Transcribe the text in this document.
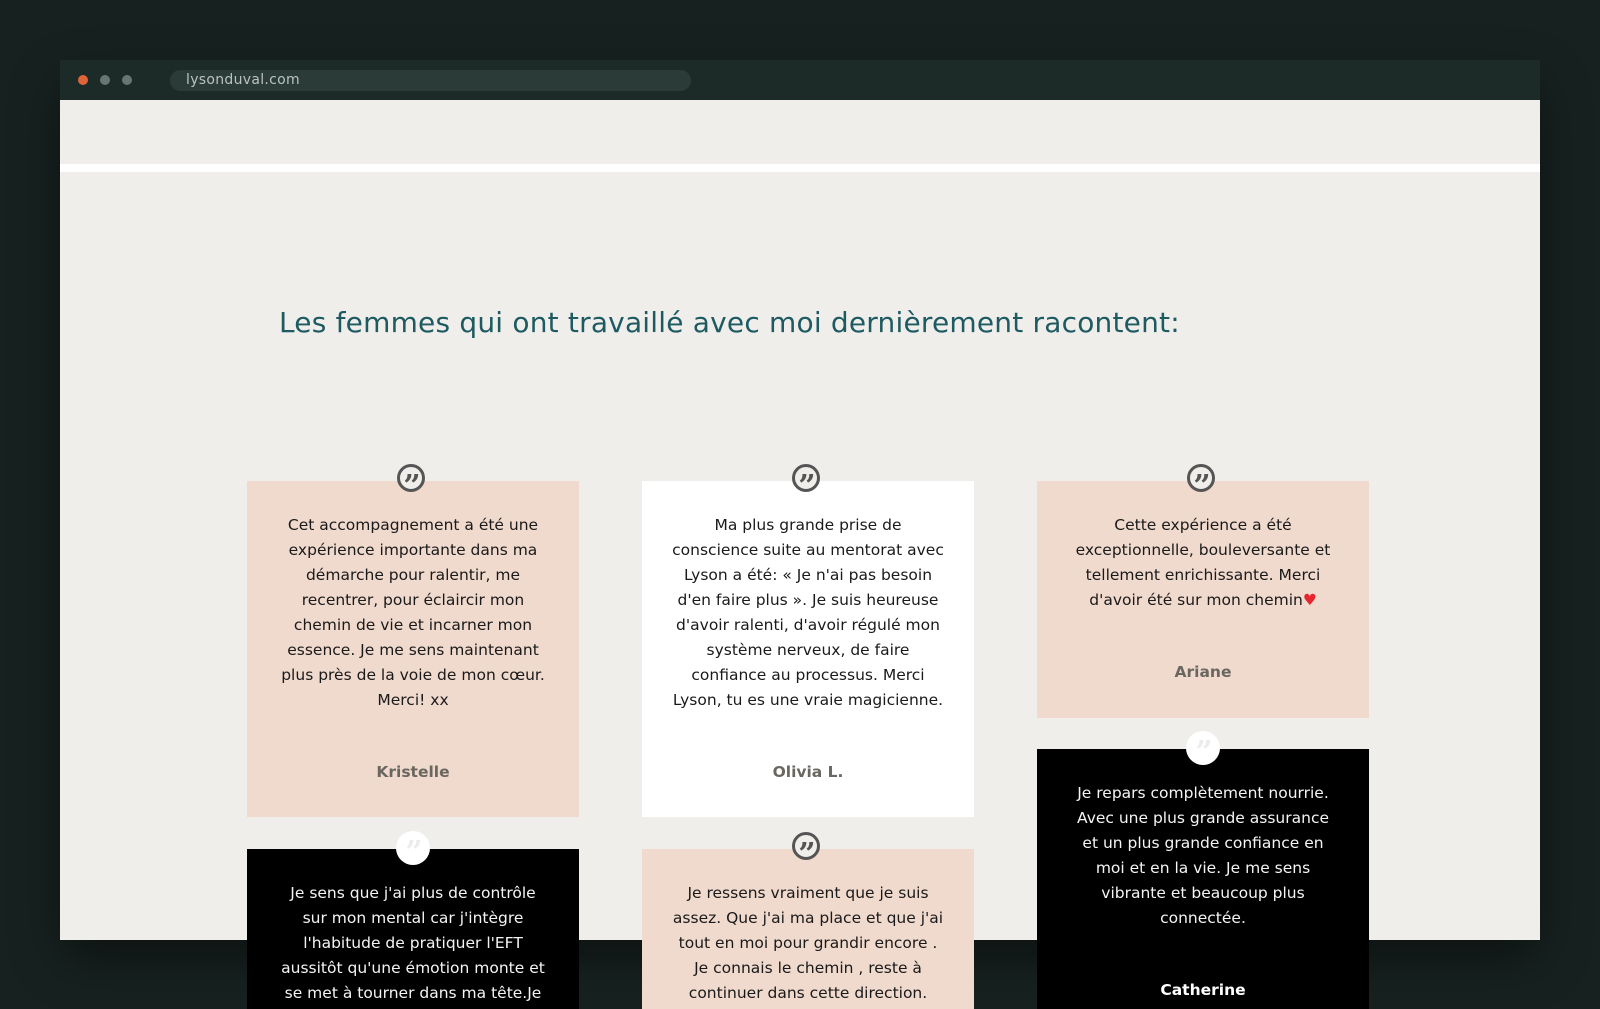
lysonduval.com
Les femmes qui ont travaillé avec moi dernièrement racontent:
”

Cet accompagnement a été une expérience importante dans ma démarche pour ralentir, me recentrer, pour éclaircir mon chemin de vie et incarner mon essence. Je me sens maintenant plus près de la voie de mon cœur. Merci! xx

Kristelle

”

Ma plus grande prise de conscience suite au mentorat avec Lyson a été: « Je n'ai pas besoin d'en faire plus ». Je suis heureuse d'avoir ralenti, d'avoir régulé mon système nerveux, de faire confiance au processus. Merci Lyson, tu es une vraie magicienne.

Olivia L.

”

Cette expérience a été exceptionnelle, bouleversante et tellement enrichissante. Merci d'avoir été sur mon chemin♥

Ariane

”

Je repars complètement nourrie. Avec une plus grande assurance et un plus grande confiance en moi et en la vie. Je me sens vibrante et beaucoup plus connectée.

Catherine

”

Je sens que j'ai plus de contrôle sur mon mental car j'intègre l'habitude de pratiquer l'EFT aussitôt qu'une émotion monte et se met à tourner dans ma tête.Je

”

Je ressens vraiment que je suis assez. Que j'ai ma place et que j'ai tout en moi pour grandir encore . Je connais le chemin , reste à continuer dans cette direction.
